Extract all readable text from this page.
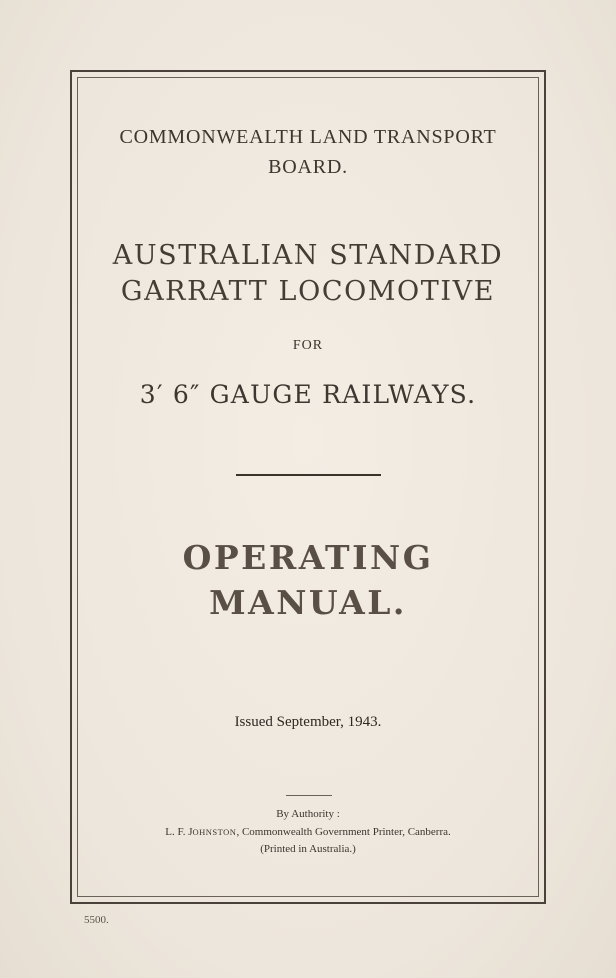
COMMONWEALTH LAND TRANSPORT
BOARD.
AUSTRALIAN STANDARD
GARRATT LOCOMOTIVE
FOR
3′ 6″ GAUGE RAILWAYS.
OPERATING
MANUAL.
Issued September, 1943.
By Authority :
L. F. JOHNSTON, Commonwealth Government Printer, Canberra.
(Printed in Australia.)
5500.
